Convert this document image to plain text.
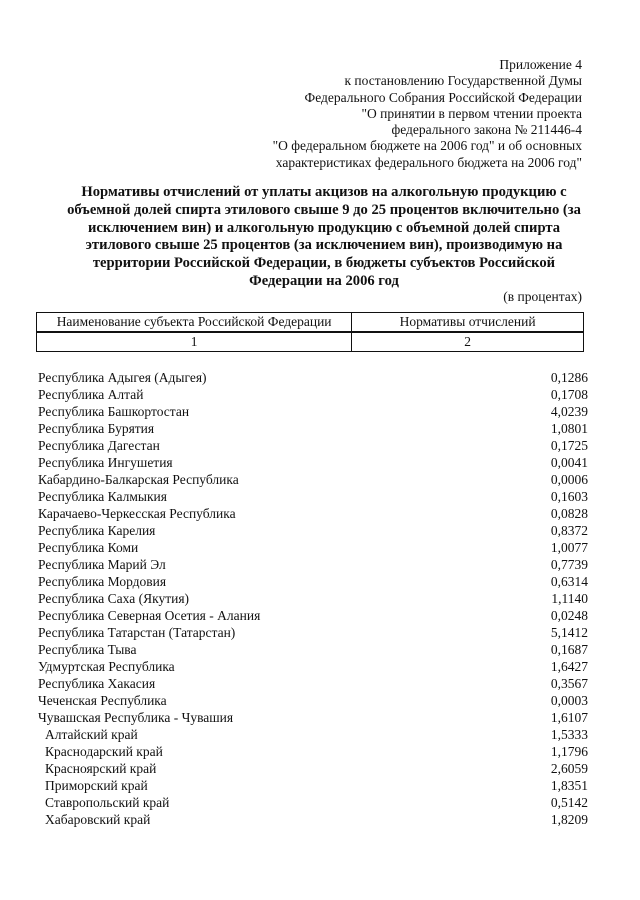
Приложение 4
к постановлению Государственной Думы
Федерального Собрания Российской Федерации
"О принятии в первом чтении проекта
федерального закона № 211446-4
"О федеральном бюджете на 2006 год" и об основных
характеристиках федерального бюджета на 2006 год"
Нормативы отчислений от уплаты акцизов на алкогольную продукцию с
объемной долей спирта этилового свыше 9 до 25 процентов включительно (за
исключением вин) и алкогольную продукцию с объемной долей спирта
этилового свыше 25 процентов (за исключением вин), производимую на
территории Российской Федерации, в бюджеты субъектов Российской
Федерации на 2006 год
(в процентах)
Наименование субъекта Российской Федерации	Нормативы отчислений
1	2
Республика Адыгея (Адыгея)	0,1286
Республика Алтай	0,1708
Республика Башкортостан	4,0239
Республика Бурятия	1,0801
Республика Дагестан	0,1725
Республика Ингушетия	0,0041
Кабардино-Балкарская Республика	0,0006
Республика Калмыкия	0,1603
Карачаево-Черкесская Республика	0,0828
Республика Карелия	0,8372
Республика Коми	1,0077
Республика Марий Эл	0,7739
Республика Мордовия	0,6314
Республика Саха (Якутия)	1,1140
Республика Северная Осетия - Алания	0,0248
Республика Татарстан (Татарстан)	5,1412
Республика Тыва	0,1687
Удмуртская Республика	1,6427
Республика Хакасия	0,3567
Чеченская Республика	0,0003
Чувашская Республика - Чувашия	1,6107
Алтайский край	1,5333
Краснодарский край	1,1796
Красноярский край	2,6059
Приморский край	1,8351
Ставропольский край	0,5142
Хабаровский край	1,8209
